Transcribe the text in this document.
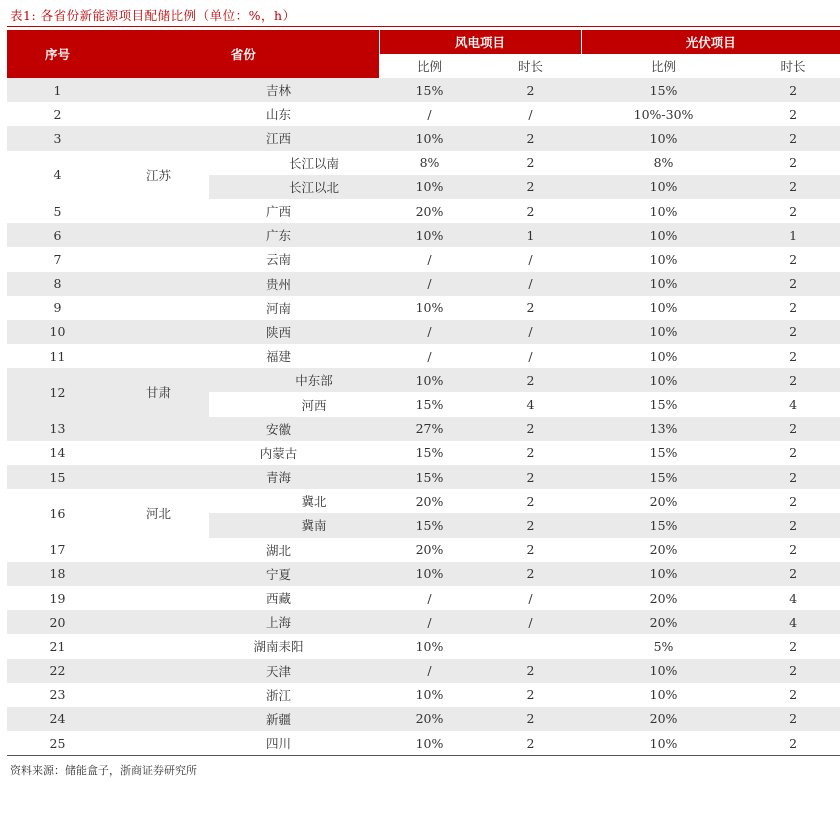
表1: 各省份新能源项目配储比例（单位：%，h）
序号	省份		风电项目		光伏项目	
			比例	时长	比例	时长
1	吉林		15%	2	15%	2
2	山东		/	/	10%-30%	2
3	江西		10%	2	10%	2
4	江苏	长江以南	8%	2	8%	2
		长江以北	10%	2	10%	2
5	广西		20%	2	10%	2
6	广东		10%	1	10%	1
7	云南		/	/	10%	2
8	贵州		/	/	10%	2
9	河南		10%	2	10%	2
10	陕西		/	/	10%	2
11	福建		/	/	10%	2
12	甘肃	中东部	10%	2	10%	2
		河西	15%	4	15%	4
13	安徽		27%	2	13%	2
14	内蒙古		15%	2	15%	2
15	青海		15%	2	15%	2
16	河北	冀北	20%	2	20%	2
		冀南	15%	2	15%	2
17	湖北		20%	2	20%	2
18	宁夏		10%	2	10%	2
19	西藏		/	/	20%	4
20	上海		/	/	20%	4
21	湖南耒阳		10%		5%	2
22	天津		/	2	10%	2
23	浙江		10%	2	10%	2
24	新疆		20%	2	20%	2
25	四川		10%	2	10%	2
资料来源：储能盒子，浙商证券研究所
